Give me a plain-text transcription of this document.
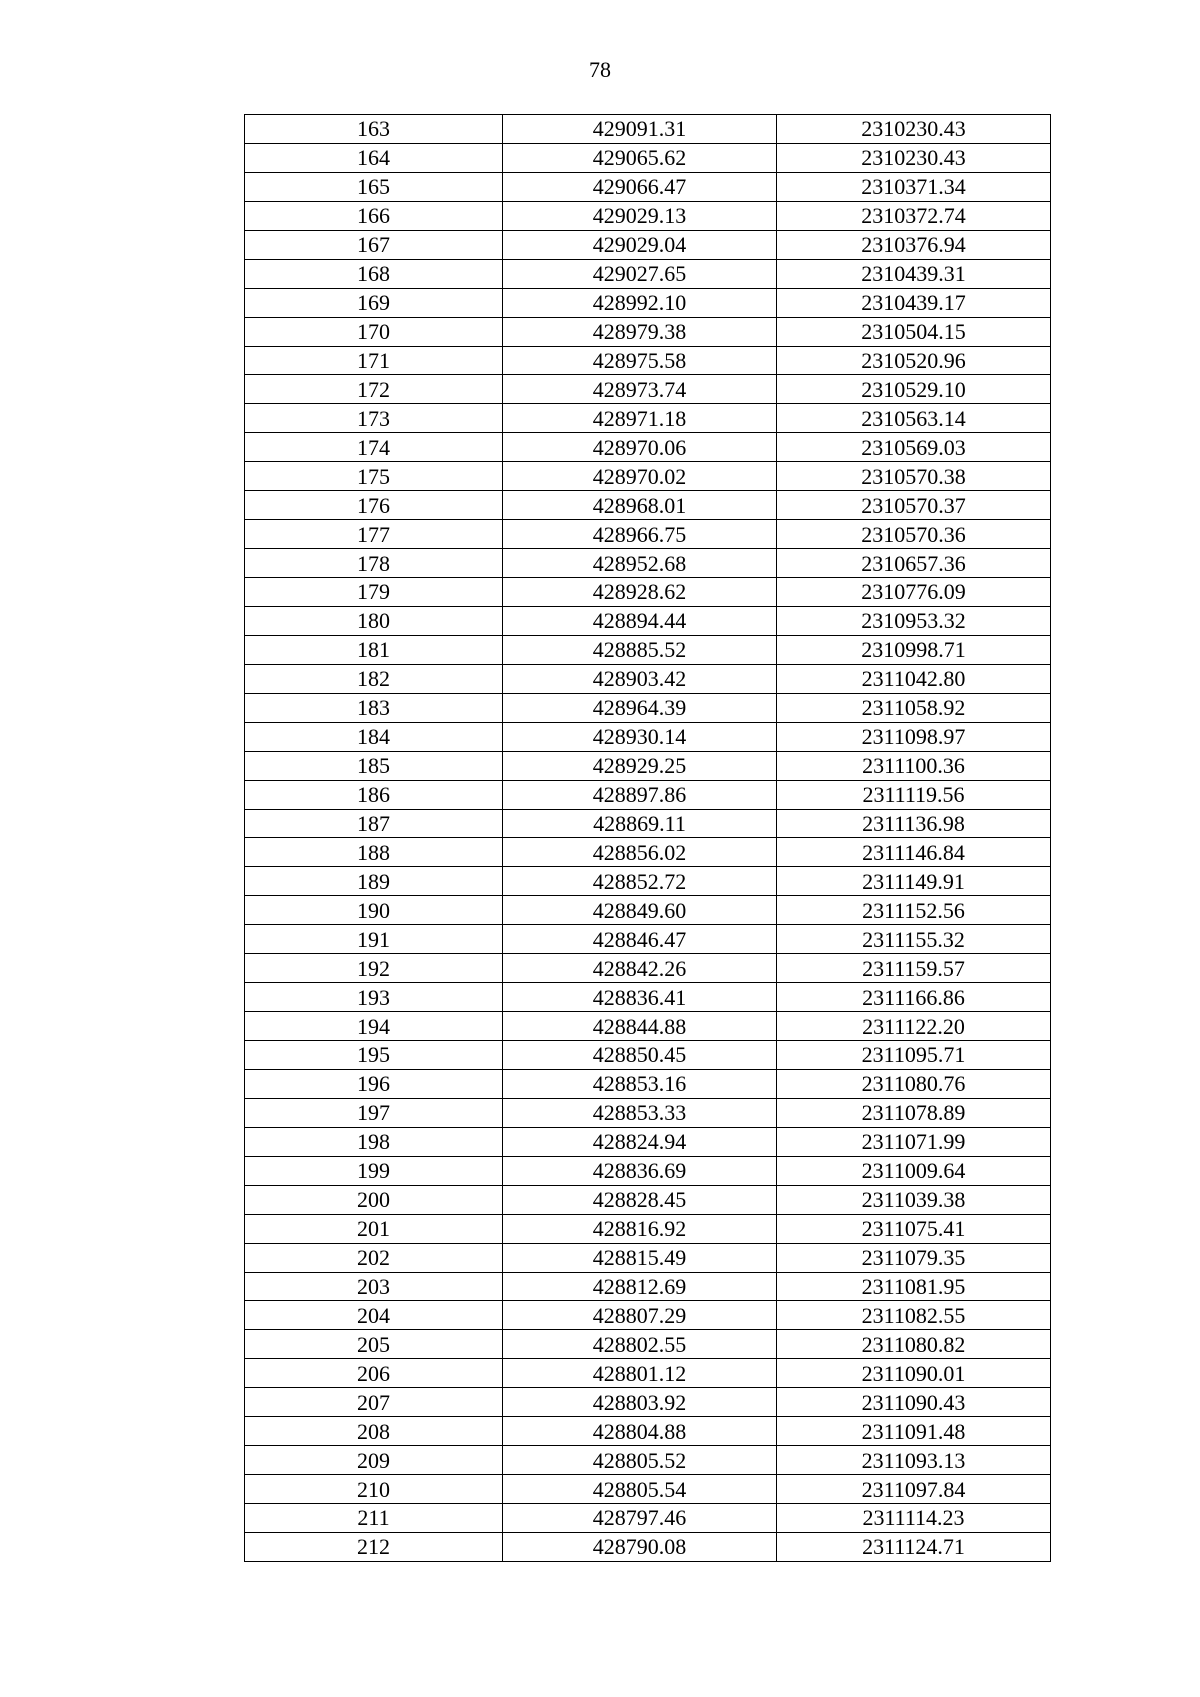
78
163	429091.31	2310230.43
164	429065.62	2310230.43
165	429066.47	2310371.34
166	429029.13	2310372.74
167	429029.04	2310376.94
168	429027.65	2310439.31
169	428992.10	2310439.17
170	428979.38	2310504.15
171	428975.58	2310520.96
172	428973.74	2310529.10
173	428971.18	2310563.14
174	428970.06	2310569.03
175	428970.02	2310570.38
176	428968.01	2310570.37
177	428966.75	2310570.36
178	428952.68	2310657.36
179	428928.62	2310776.09
180	428894.44	2310953.32
181	428885.52	2310998.71
182	428903.42	2311042.80
183	428964.39	2311058.92
184	428930.14	2311098.97
185	428929.25	2311100.36
186	428897.86	2311119.56
187	428869.11	2311136.98
188	428856.02	2311146.84
189	428852.72	2311149.91
190	428849.60	2311152.56
191	428846.47	2311155.32
192	428842.26	2311159.57
193	428836.41	2311166.86
194	428844.88	2311122.20
195	428850.45	2311095.71
196	428853.16	2311080.76
197	428853.33	2311078.89
198	428824.94	2311071.99
199	428836.69	2311009.64
200	428828.45	2311039.38
201	428816.92	2311075.41
202	428815.49	2311079.35
203	428812.69	2311081.95
204	428807.29	2311082.55
205	428802.55	2311080.82
206	428801.12	2311090.01
207	428803.92	2311090.43
208	428804.88	2311091.48
209	428805.52	2311093.13
210	428805.54	2311097.84
211	428797.46	2311114.23
212	428790.08	2311124.71
